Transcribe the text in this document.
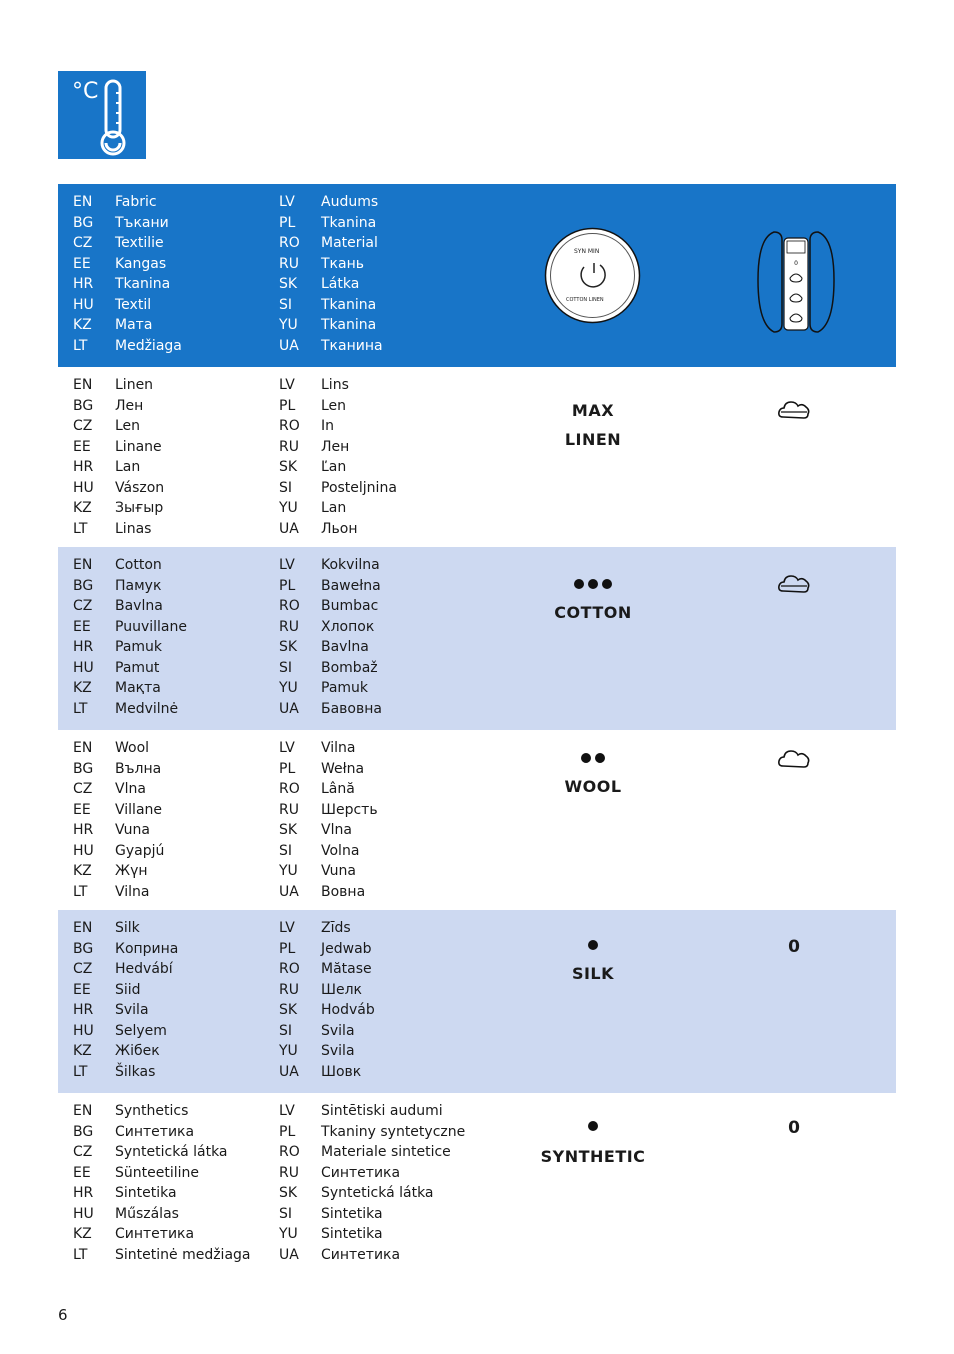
°C
EN Fabric
BG Тъкани
CZ Textilie
EE Kangas
HR Tkanina
HU Textil
KZ Мата
LT Medžiaga
LV Audums
PL Tkanina
RO Material
RU Ткань
SK Látka
SI Tkanina
YU Tkanina
UA Тканина
SYN MIN
COTTON LINEN
0
EN Linen
BG Лен
CZ Len
EE Linane
HR Lan
HU Vászon
KZ Зығыр
LT Linas
LV Lins
PL Len
RO In
RU Лен
SK Ľan
SI Posteljnina
YU Lan
UA Льон
MAX
LINEN
EN Cotton
BG Памук
CZ Bavlna
EE Puuvillane
HR Pamuk
HU Pamut
KZ Мақта
LT Medvilnė
LV Kokvilna
PL Bawełna
RO Bumbac
RU Хлопок
SK Bavlna
SI Bombaž
YU Pamuk
UA Бавовна
COTTON
EN Wool
BG Вълна
CZ Vlna
EE Villane
HR Vuna
HU Gyapjú
KZ Жүн
LT Vilna
LV Vilna
PL Wełna
RO Lână
RU Шерсть
SK Vlna
SI Volna
YU Vuna
UA Вовна
WOOL
EN Silk
BG Коприна
CZ Hedvábí
EE Siid
HR Svila
HU Selyem
KZ Жібек
LT Šilkas
LV Zīds
PL Jedwab
RO Mătase
RU Шелк
SK Hodváb
SI Svila
YU Svila
UA Шовк
SILK
0
EN Synthetics
BG Синтетика
CZ Syntetická látka
EE Sünteetiline
HR Sintetika
HU Műszálas
KZ Синтетика
LT Sintetinė medžiaga
LV Sintētiski audumi
PL Tkaniny syntetyczne
RO Materiale sintetice
RU Синтетика
SK Syntetická látka
SI Sintetika
YU Sintetika
UA Синтетика
SYNTHETIC
0
6
